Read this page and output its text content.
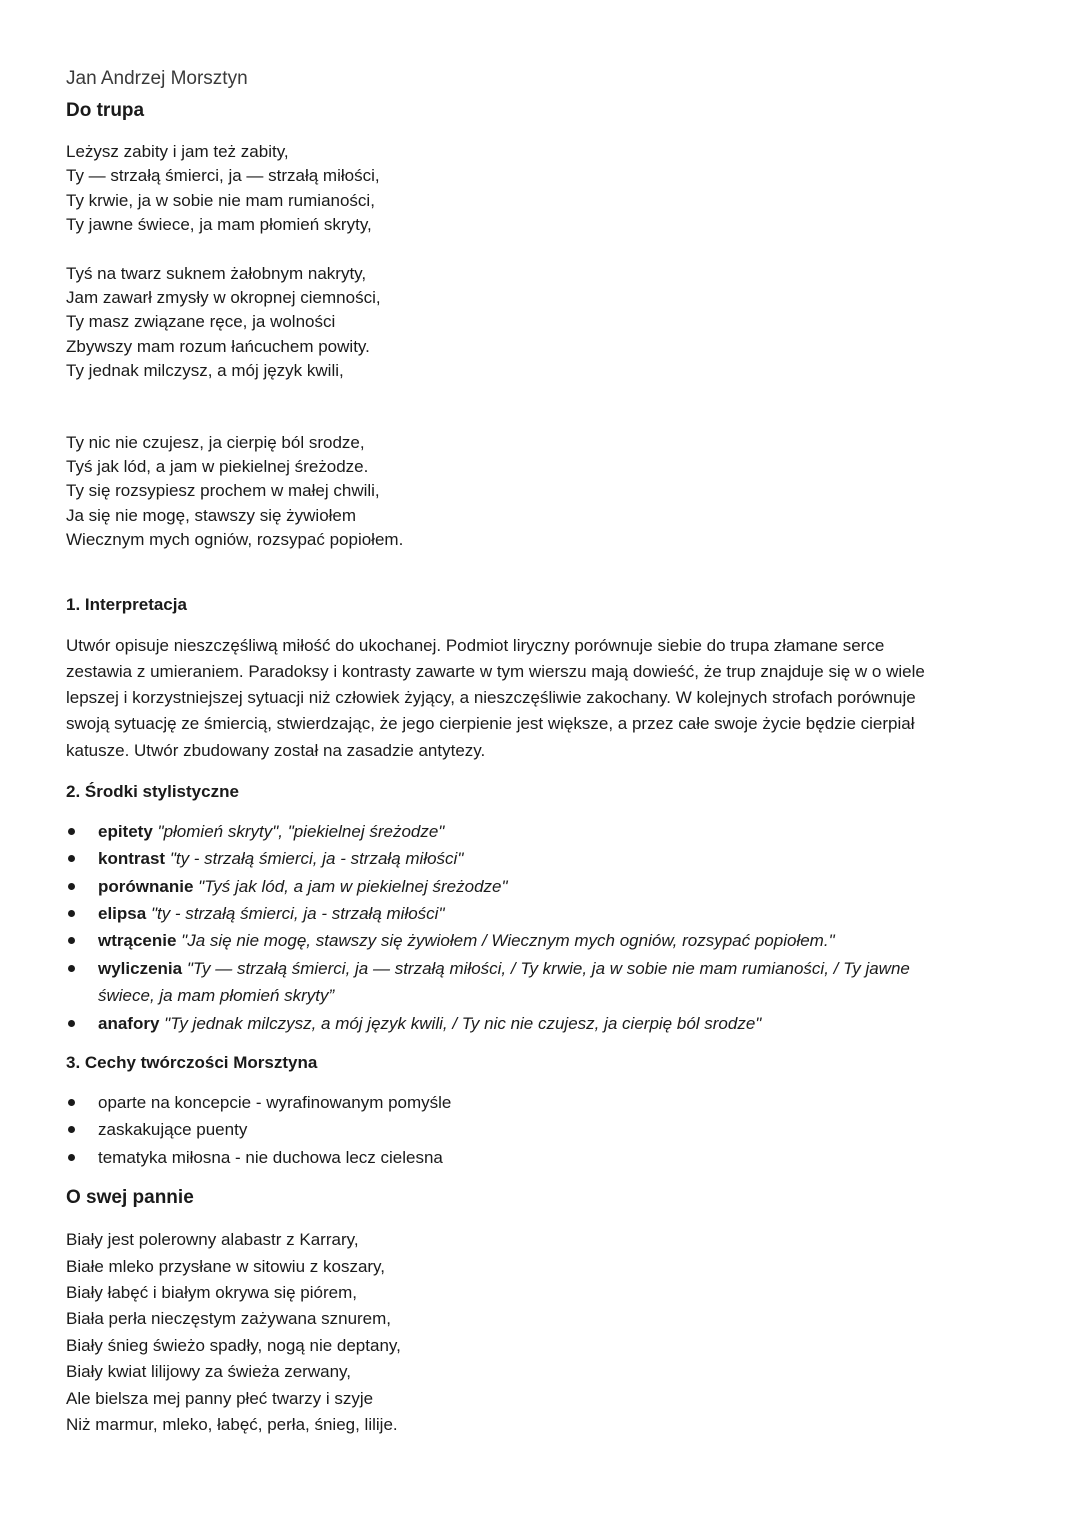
Jan Andrzej Morsztyn
Do trupa
Leżysz zabity i jam też zabity,
Ty — strzałą śmierci, ja — strzałą miłości,
Ty krwie, ja w sobie nie mam rumianości,
Ty jawne świece, ja mam płomień skryty,
Tyś na twarz suknem żałobnym nakryty,
Jam zawarł zmysły w okropnej ciemności,
Ty masz związane ręce, ja wolności
Zbywszy mam rozum łańcuchem powity.
Ty jednak milczysz, a mój język kwili,
Ty nic nie czujesz, ja cierpię ból srodze,
Tyś jak lód, a jam w piekielnej śreżodze.
Ty się rozsypiesz prochem w małej chwili,
Ja się nie mogę, stawszy się żywiołem
Wiecznym mych ogniów, rozsypać popiołem.
1. Interpretacja
Utwór opisuje nieszczęśliwą miłość do ukochanej. Podmiot liryczny porównuje siebie do trupa złamane serce
zestawia z umieraniem. Paradoksy i kontrasty zawarte w tym wierszu mają dowieść, że trup znajduje się w o wiele
lepszej i korzystniejszej sytuacji niż człowiek żyjący, a nieszczęśliwie zakochany. W kolejnych strofach porównuje
swoją sytuację ze śmiercią, stwierdzając, że jego cierpienie jest większe, a przez całe swoje życie będzie cierpiał
katusze. Utwór zbudowany został na zasadzie antytezy.
2. Środki stylistyczne
epitety "płomień skryty", "piekielnej śreżodze"
kontrast "ty - strzałą śmierci, ja - strzałą miłości"
porównanie "Tyś jak lód, a jam w piekielnej śreżodze"
elipsa "ty - strzałą śmierci, ja - strzałą miłości"
wtrącenie "Ja się nie mogę, stawszy się żywiołem / Wiecznym mych ogniów, rozsypać popiołem."
wyliczenia "Ty — strzałą śmierci, ja — strzałą miłości, / Ty krwie, ja w sobie nie mam rumianości, / Ty jawne
świece, ja mam płomień skryty”
anafory "Ty jednak milczysz, a mój język kwili, / Ty nic nie czujesz, ja cierpię ból srodze"
3. Cechy twórczości Morsztyna
oparte na koncepcie - wyrafinowanym pomyśle
zaskakujące puenty
tematyka miłosna - nie duchowa lecz cielesna
O swej pannie
Biały jest polerowny alabastr z Karrary,
Białe mleko przysłane w sitowiu z koszary,
Biały łabęć i białym okrywa się piórem,
Biała perła nieczęstym zażywana sznurem,
Biały śnieg świeżo spadły, nogą nie deptany,
Biały kwiat lilijowy za świeża zerwany,
Ale bielsza mej panny płeć twarzy i szyje
Niż marmur, mleko, łabęć, perła, śnieg, lilije.
